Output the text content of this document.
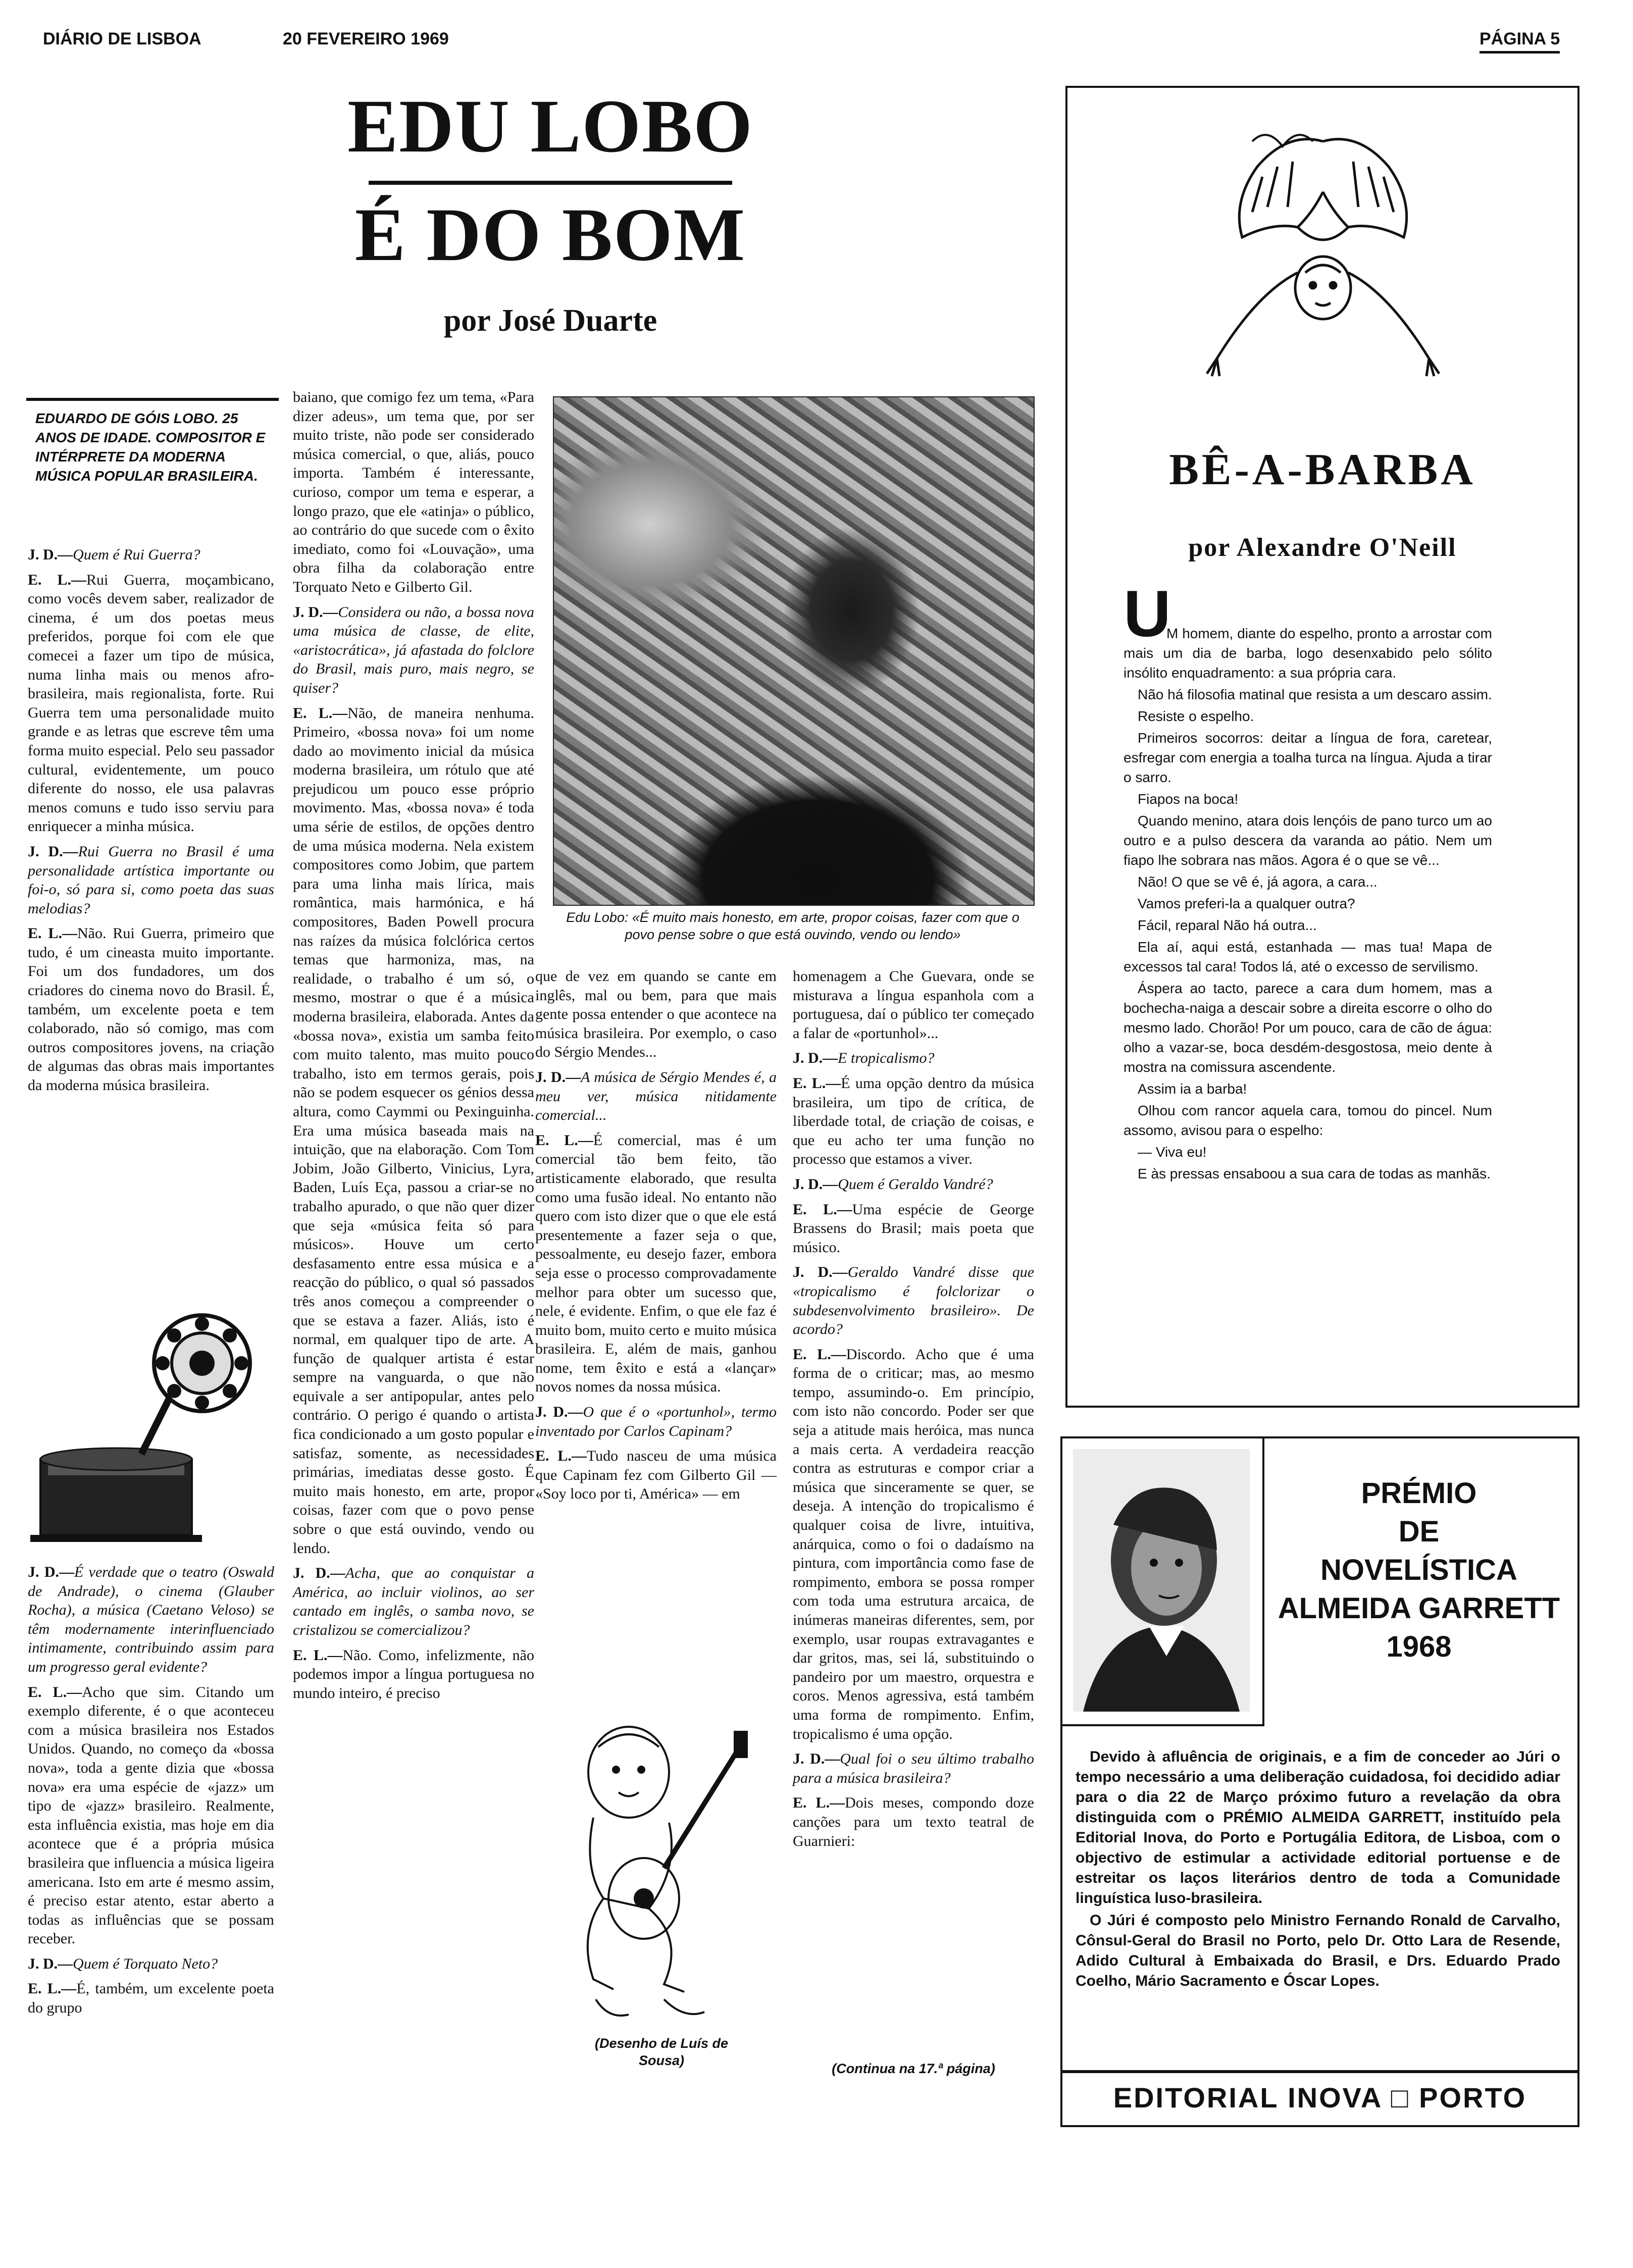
DIÁRIO DE LISBOA	20 FEVEREIRO 1969	PÁGINA 5
EDU LOBO
É DO BOM
por José Duarte
EDUARDO DE GÓIS LOBO. 25 ANOS DE IDADE. COMPOSITOR E INTÉRPRETE DA MODERNA MÚSICA POPULAR BRASILEIRA.

J. D.—Quem é Rui Guerra?

E. L.—Rui Guerra, moçambicano, como vocês devem saber, realizador de cinema, é um dos poetas meus preferidos, porque foi com ele que comecei a fazer um tipo de música, numa linha mais ou menos afro-brasileira, mais regionalista, forte. Rui Guerra tem uma personalidade muito grande e as letras que escreve têm uma forma muito especial. Pelo seu passador cultural, evidentemente, um pouco diferente do nosso, ele usa palavras menos comuns e tudo isso serviu para enriquecer a minha música.

J. D.—Rui Guerra no Brasil é uma personalidade artística importante ou foi-o, só para si, como poeta das suas melodias?

E. L.—Não. Rui Guerra, primeiro que tudo, é um cineasta muito importante. Foi um dos fundadores, um dos criadores do cinema novo do Brasil. É, também, um excelente poeta e tem colaborado, não só comigo, mas com outros compositores jovens, na criação de algumas das obras mais importantes da moderna música brasileira.

J. D.—É verdade que o teatro (Oswald de Andrade), o cinema (Glauber Rocha), a música (Caetano Veloso) se têm modernamente interinfluenciado intimamente, contribuindo assim para um progresso geral evidente?

E. L.—Acho que sim. Citando um exemplo diferente, é o que aconteceu com a música brasileira nos Estados Unidos. Quando, no começo da «bossa nova», toda a gente dizia que «bossa nova» era uma espécie de «jazz» um tipo de «jazz» brasileiro. Realmente, esta influência existia, mas hoje em dia acontece que é a própria música brasileira que influencia a música ligeira americana. Isto em arte é mesmo assim, é preciso estar atento, estar aberto a todas as influências que se possam receber.

J. D.—Quem é Torquato Neto?

E. L.—É, também, um excelente poeta do grupo

baiano, que comigo fez um tema, «Para dizer adeus», um tema que, por ser muito triste, não pode ser considerado música comercial, o que, aliás, pouco importa. Também é interessante, curioso, compor um tema e esperar, a longo prazo, que ele «atinja» o público, ao contrário do que sucede com o êxito imediato, como foi «Louvação», uma obra filha da colaboração entre Torquato Neto e Gilberto Gil.

J. D.—Considera ou não, a bossa nova uma música de classe, de elite, «aristocrática», já afastada do folclore do Brasil, mais puro, mais negro, se quiser?

E. L.—Não, de maneira nenhuma. Primeiro, «bossa nova» foi um nome dado ao movimento inicial da música moderna brasileira, um rótulo que até prejudicou um pouco esse próprio movimento. Mas, «bossa nova» é toda uma série de estilos, de opções dentro de uma música moderna. Nela existem compositores como Jobim, que partem para uma linha mais lírica, mais romântica, mais harmónica, e há compositores, Baden Powell procura nas raízes da música folclórica certos temas que harmoniza, mas, na realidade, o trabalho é um só, o mesmo, mostrar o que é a música moderna brasileira, elaborada. Antes da «bossa nova», existia um samba feito com muito talento, mas muito pouco trabalho, isto em termos gerais, pois não se podem esquecer os génios dessa altura, como Caymmi ou Pexinguinha. Era uma música baseada mais na intuição, que na elaboração. Com Tom Jobim, João Gilberto, Vinicius, Lyra, Baden, Luís Eça, passou a criar-se no trabalho apurado, o que não quer dizer que seja «música feita só para músicos». Houve um certo desfasamento entre essa música e a reacção do público, o qual só passados três anos começou a compreender o que se estava a fazer. Aliás, isto é normal, em qualquer tipo de arte. A função de qualquer artista é estar sempre na vanguarda, o que não equivale a ser antipopular, antes pelo contrário. O perigo é quando o artista fica condicionado a um gosto popular e satisfaz, somente, as necessidades primárias, imediatas desse gosto. É muito mais honesto, em arte, propor coisas, fazer com que o povo pense sobre o que está ouvindo, vendo ou lendo.

J. D.—Acha, que ao conquistar a América, ao incluir violinos, ao ser cantado em inglês, o samba novo, se cristalizou se comercializou?

E. L.—Não. Como, infelizmente, não podemos impor a língua portuguesa no mundo inteiro, é preciso

Edu Lobo: «É muito mais honesto, em arte, propor coisas, fazer com que o povo pense sobre o que está ouvindo, vendo ou lendo»

que de vez em quando se cante em inglês, mal ou bem, para que mais gente possa entender o que acontece na música brasileira. Por exemplo, o caso do Sérgio Mendes...

J. D.—A música de Sérgio Mendes é, a meu ver, música nitidamente comercial...

E. L.—É comercial, mas é um comercial tão bem feito, tão artisticamente elaborado, que resulta como uma fusão ideal. No entanto não quero com isto dizer que o que ele está presentemente a fazer seja o que, pessoalmente, eu desejo fazer, embora seja esse o processo comprovadamente melhor para obter um sucesso que, nele, é evidente. Enfim, o que ele faz é muito bom, muito certo e muito música brasileira. E, além de mais, ganhou nome, tem êxito e está a «lançar» novos nomes da nossa música.

J. D.—O que é o «portunhol», termo inventado por Carlos Capinam?

E. L.—Tudo nasceu de uma música que Capinam fez com Gilberto Gil — «Soy loco por ti, América» — em

(Desenho de Luís de Sousa)

homenagem a Che Guevara, onde se misturava a língua espanhola com a portuguesa, daí o público ter começado a falar de «portunhol»...

J. D.—E tropicalismo?

E. L.—É uma opção dentro da música brasileira, um tipo de crítica, de liberdade total, de criação de coisas, e que eu acho ter uma função no processo que estamos a viver.

J. D.—Quem é Geraldo Vandré?

E. L.—Uma espécie de George Brassens do Brasil; mais poeta que músico.

J. D.—Geraldo Vandré disse que «tropicalismo é folclorizar o subdesenvolvimento brasileiro». De acordo?

E. L.—Discordo. Acho que é uma forma de o criticar; mas, ao mesmo tempo, assumindo-o. Em princípio, com isto não concordo. Poder ser que seja a atitude mais heróica, mas nunca a mais certa. A verdadeira reacção contra as estruturas e compor criar a música que sinceramente se quer, se deseja. A intenção do tropicalismo é qualquer coisa de livre, intuitiva, anárquica, como o foi o dadaísmo na pintura, com importância como fase de rompimento, embora se possa romper com toda uma estrutura arcaica, de inúmeras maneiras diferentes, sem, por exemplo, usar roupas extravagantes e dar gritos, mas, sei lá, substituindo o pandeiro por um maestro, orquestra e coros. Menos agressiva, está também uma forma de rompimento. Enfim, tropicalismo é uma opção.

J. D.—Qual foi o seu último trabalho para a música brasileira?

E. L.—Dois meses, compondo doze canções para um texto teatral de Guarnieri:

(Continua na 17.ª página)
BÊ-A-BARBA
por Alexandre O'Neill
U

M homem, diante do espelho, pronto a arrostar com mais um dia de barba, logo desenxabido pelo sólito insólito enquadramento: a sua própria cara.

Não há filosofia matinal que resista a um descaro assim.

Resiste o espelho.

Primeiros socorros: deitar a língua de fora, caretear, esfregar com energia a toalha turca na língua. Ajuda a tirar o sarro.

Fiapos na boca!

Quando menino, atara dois lençóis de pano turco um ao outro e a pulso descera da varanda ao pátio. Nem um fiapo lhe sobrara nas mãos. Agora é o que se vê...

Não! O que se vê é, já agora, a cara...

Vamos preferi-la a qualquer outra?

Fácil, reparal Não há outra...

Ela aí, aqui está, estanhada — mas tua! Mapa de excessos tal cara! Todos lá, até o excesso de servilismo.

Áspera ao tacto, parece a cara dum homem, mas a bochecha-naiga a descair sobre a direita escorre o olho do mesmo lado. Chorão! Por um pouco, cara de cão de água: olho a vazar-se, boca desdém-desgostosa, meio dente à mostra na comissura ascendente.

Assim ia a barba!

Olhou com rancor aquela cara, tomou do pincel. Num assomo, avisou para o espelho:

— Viva eu!

E às pressas ensaboou a sua cara de todas as manhãs.

PRÉMIO
DE
NOVELÍSTICA
ALMEIDA GARRETT
1968
Devido à afluência de originais, e a fim de conceder ao Júri o tempo necessário a uma deliberação cuidadosa, foi decidido adiar para o dia 22 de Março próximo futuro a revelação da obra distinguida com o PRÉMIO ALMEIDA GARRETT, instituído pela Editorial Inova, do Porto e Portugália Editora, de Lisboa, com o objectivo de estimular a actividade editorial portuense e de estreitar os laços literários dentro de toda a Comunidade linguística luso-brasileira.
O Júri é composto pelo Ministro Fernando Ronald de Carvalho, Cônsul-Geral do Brasil no Porto, pelo Dr. Otto Lara de Resende, Adido Cultural à Embaixada do Brasil, e Drs. Eduardo Prado Coelho, Mário Sacramento e Óscar Lopes.
EDITORIAL INOVA □ PORTO
